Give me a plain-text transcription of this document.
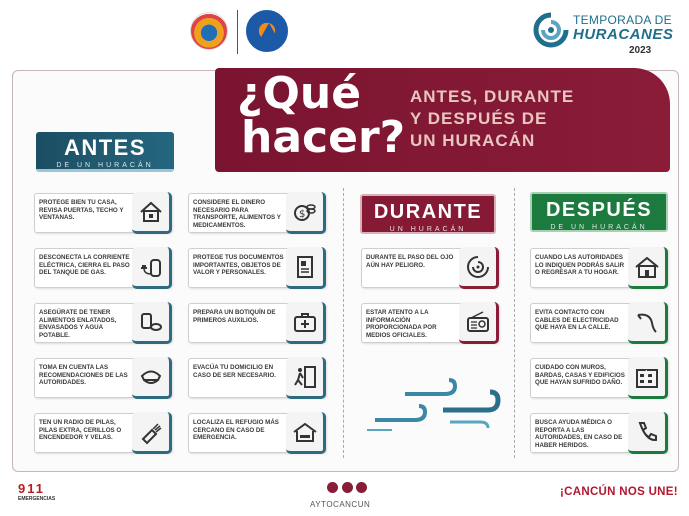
TEMPORADA DE
HURACANES
2023
¿Qué
hacer?
ANTES, DURANTE
Y DESPUÉS DE
UN HURACÁN
ANTES
DE UN HURACÁN
DURANTE
UN HURACÁN
DESPUÉS
DE UN HURACÁN
PROTEGE BIEN TU CASA, REVISA PUERTAS, TECHO Y VENTANAS.
DESCONECTA LA CORRIENTE ELÉCTRICA, CIERRA EL PASO DEL TANQUE DE GAS.
ASEGÚRATE DE TENER ALIMENTOS ENLATADOS, ENVASADOS Y AGUA POTABLE.
TOMA EN CUENTA LAS RECOMENDACIONES DE LAS AUTORIDADES.
TEN UN RADIO DE PILAS, PILAS EXTRA, CERILLOS O ENCENDEDOR Y VELAS.
CONSIDERE EL DINERO NECESARIO PARA TRANSPORTE, ALIMENTOS Y MEDICAMENTOS.
$
PROTEGE TUS DOCUMENTOS IMPORTANTES, OBJETOS DE VALOR Y PERSONALES.
PREPARA UN BOTIQUÍN DE PRIMEROS AUXILIOS.
EVACÚA TU DOMICILIO EN CASO DE SER NECESARIO.
LOCALIZA EL REFUGIO MÁS CERCANO EN CASO DE EMERGENCIA.
DURANTE EL PASO DEL OJO AÚN HAY PELIGRO.
ESTAR ATENTO A LA INFORMACIÓN PROPORCIONADA POR MEDIOS OFICIALES.
CUANDO LAS AUTORIDADES LO INDIQUEN PODRÁS SALIR O REGRESAR A TU HOGAR.
EVITA CONTACTO CON CABLES DE ELECTRICIDAD QUE HAYA EN LA CALLE.
CUIDADO CON MUROS, BARDAS, CASAS Y EDIFICIOS QUE HAYAN SUFRIDO DAÑO.
BUSCA AYUDA MÉDICA O REPORTA A LAS AUTORIDADES, EN CASO DE HABER HERIDOS.
911
EMERGENCIAS
AYTOCANCUN
¡CANCÚN NOS UNE!
